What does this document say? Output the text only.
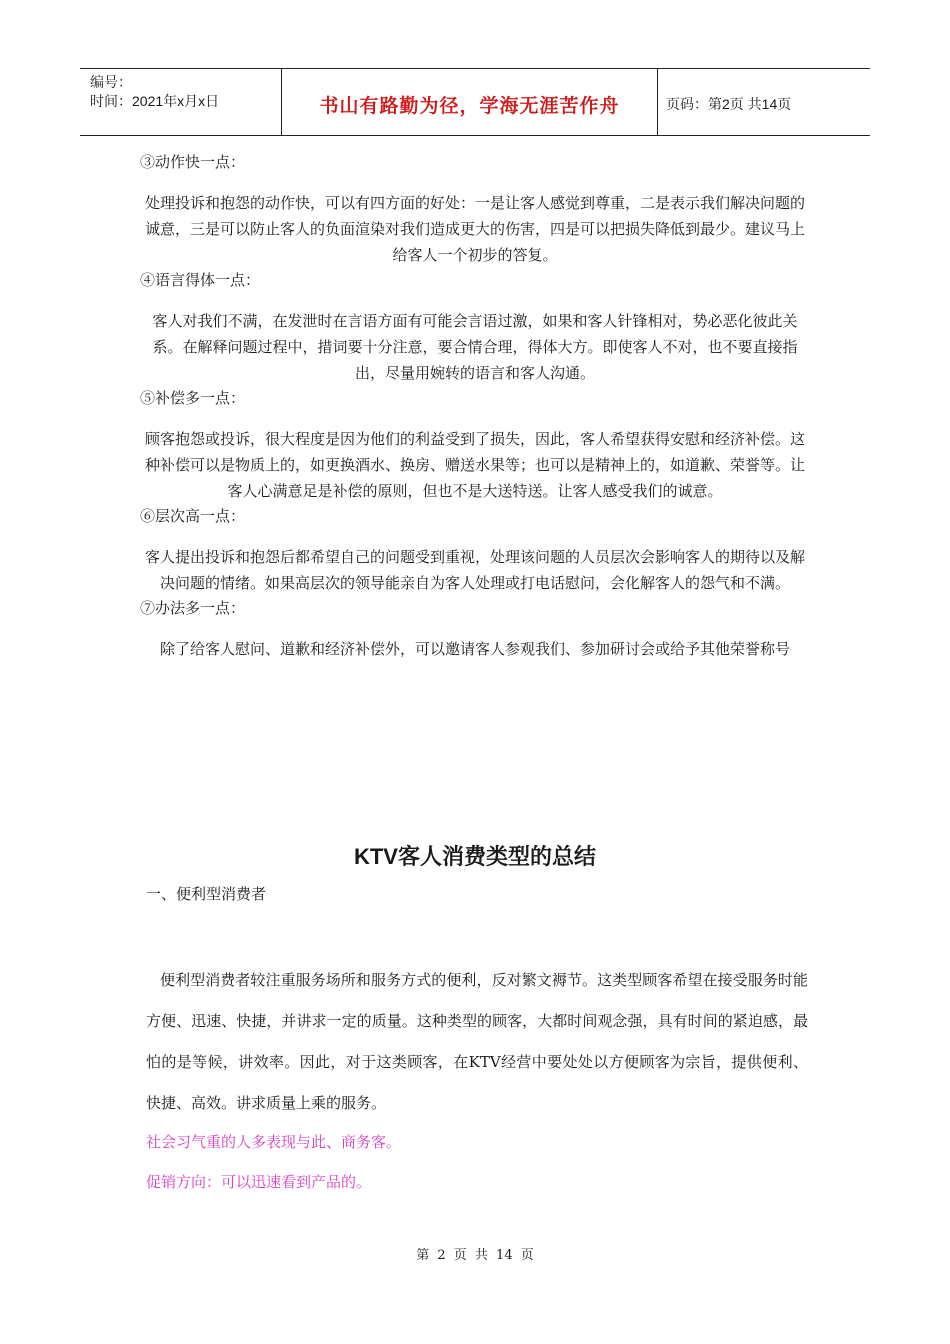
编号：
时间：2021年x月x日	书山有路勤为径，学海无涯苦作舟	页码：第2页 共14页

③动作快一点：

处理投诉和抱怨的动作快，可以有四方面的好处：一是让客人感觉到尊重，二是表示我们解决问题的诚意，三是可以防止客人的负面渲染对我们造成更大的伤害，四是可以把损失降低到最少。建议马上给客人一个初步的答复。

④语言得体一点：

客人对我们不满，在发泄时在言语方面有可能会言语过激，如果和客人针锋相对，势必恶化彼此关系。在解释问题过程中，措词要十分注意，要合情合理，得体大方。即使客人不对，也不要直接指出，尽量用婉转的语言和客人沟通。

⑤补偿多一点：

顾客抱怨或投诉，很大程度是因为他们的利益受到了损失，因此，客人希望获得安慰和经济补偿。这种补偿可以是物质上的，如更换酒水、换房、赠送水果等；也可以是精神上的，如道歉、荣誉等。让客人心满意足是补偿的原则，但也不是大送特送。让客人感受我们的诚意。

⑥层次高一点：

客人提出投诉和抱怨后都希望自己的问题受到重视，处理该问题的人员层次会影响客人的期待以及解决问题的情绪。如果高层次的领导能亲自为客人处理或打电话慰问，会化解客人的怨气和不满。

⑦办法多一点：

除了给客人慰问、道歉和经济补偿外，可以邀请客人参观我们、参加研讨会或给予其他荣誉称号

KTV客人消费类型的总结
一、便利型消费者
便利型消费者较注重服务场所和服务方式的便利，反对繁文褥节。这类型顾客希望在接受服务时能方便、迅速、快捷，并讲求一定的质量。这种类型的顾客，大都时间观念强，具有时间的紧迫感，最怕的是等候，讲效率。因此，对于这类顾客，在KTV经营中要处处以方便顾客为宗旨，提供便利、快捷、高效。讲求质量上乘的服务。
社会习气重的人多表现与此、商务客。
促销方向：可以迅速看到产品的。
第 2 页 共 14 页
